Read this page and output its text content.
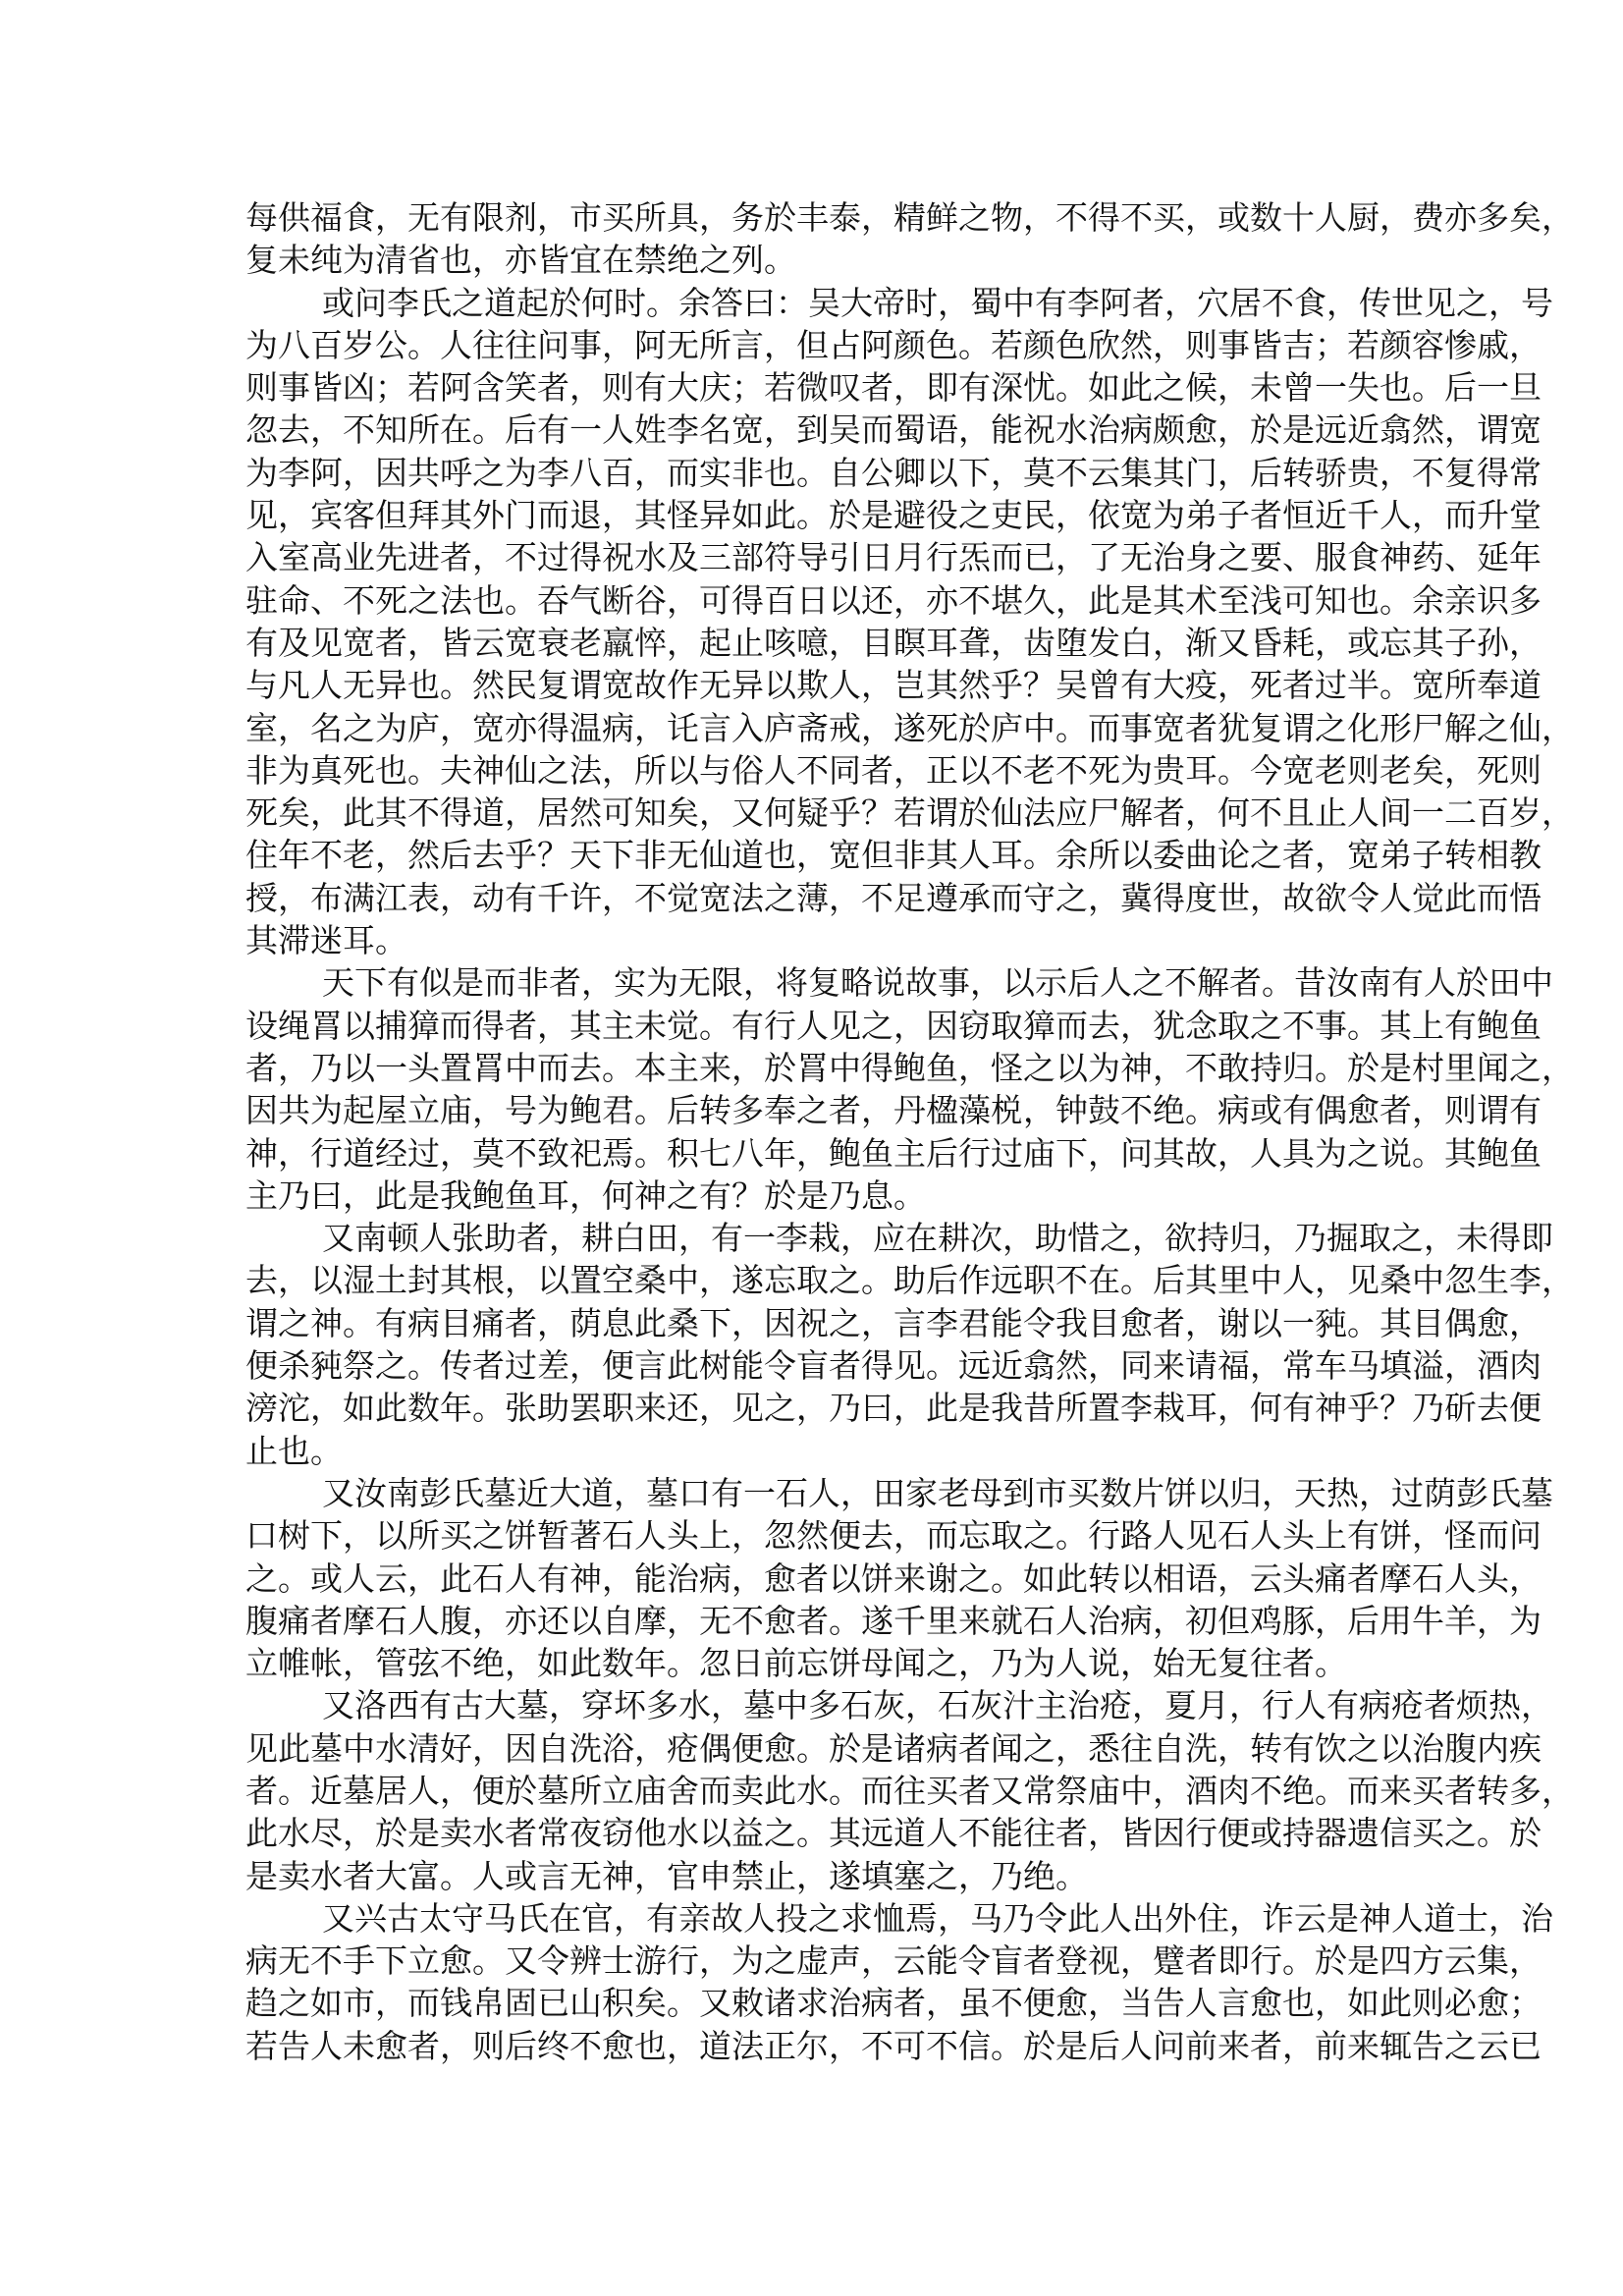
每供福食，无有限剂，市买所具，务於丰泰，精鲜之物，不得不买，或数十人厨，费亦多矣，
复未纯为清省也，亦皆宜在禁绝之列。
或问李氏之道起於何时。余答曰：吴大帝时，蜀中有李阿者，穴居不食，传世见之，号
为八百岁公。人往往问事，阿无所言，但占阿颜色。若颜色欣然，则事皆吉；若颜容惨戚，
则事皆凶；若阿含笑者，则有大庆；若微叹者，即有深忧。如此之候，未曾一失也。后一旦
忽去，不知所在。后有一人姓李名宽，到吴而蜀语，能祝水治病颇愈，於是远近翕然，谓宽
为李阿，因共呼之为李八百，而实非也。自公卿以下，莫不云集其门，后转骄贵，不复得常
见，宾客但拜其外门而退，其怪异如此。於是避役之吏民，依宽为弟子者恒近千人，而升堂
入室高业先进者，不过得祝水及三部符导引日月行炁而已，了无治身之要、服食神药、延年
驻命、不死之法也。吞气断谷，可得百日以还，亦不堪久，此是其术至浅可知也。余亲识多
有及见宽者，皆云宽衰老羸悴，起止咳噫，目瞑耳聋，齿堕发白，渐又昏耗，或忘其子孙，
与凡人无异也。然民复谓宽故作无异以欺人，岂其然乎？吴曾有大疫，死者过半。宽所奉道
室，名之为庐，宽亦得温病，讬言入庐斋戒，遂死於庐中。而事宽者犹复谓之化形尸解之仙，
非为真死也。夫神仙之法，所以与俗人不同者，正以不老不死为贵耳。今宽老则老矣，死则
死矣，此其不得道，居然可知矣，又何疑乎？若谓於仙法应尸解者，何不且止人间一二百岁，
住年不老，然后去乎？天下非无仙道也，宽但非其人耳。余所以委曲论之者，宽弟子转相教
授，布满江表，动有千许，不觉宽法之薄，不足遵承而守之，冀得度世，故欲令人觉此而悟
其滞迷耳。
天下有似是而非者，实为无限，将复略说故事，以示后人之不解者。昔汝南有人於田中
设绳罥以捕獐而得者，其主未觉。有行人见之，因窃取獐而去，犹念取之不事。其上有鲍鱼
者，乃以一头置罥中而去。本主来，於罥中得鲍鱼，怪之以为神，不敢持归。於是村里闻之，
因共为起屋立庙，号为鲍君。后转多奉之者，丹楹藻棁，钟鼓不绝。病或有偶愈者，则谓有
神，行道经过，莫不致祀焉。积七八年，鲍鱼主后行过庙下，问其故，人具为之说。其鲍鱼
主乃曰，此是我鲍鱼耳，何神之有？於是乃息。
又南顿人张助者，耕白田，有一李栽，应在耕次，助惜之，欲持归，乃掘取之，未得即
去，以湿土封其根，以置空桑中，遂忘取之。助后作远职不在。后其里中人，见桑中忽生李，
谓之神。有病目痛者，荫息此桑下，因祝之，言李君能令我目愈者，谢以一豘。其目偶愈，
便杀豘祭之。传者过差，便言此树能令盲者得见。远近翕然，同来请福，常车马填溢，酒肉
滂沱，如此数年。张助罢职来还，见之，乃曰，此是我昔所置李栽耳，何有神乎？乃斫去便
止也。
又汝南彭氏墓近大道，墓口有一石人，田家老母到市买数片饼以归，天热，过荫彭氏墓
口树下，以所买之饼暂著石人头上，忽然便去，而忘取之。行路人见石人头上有饼，怪而问
之。或人云，此石人有神，能治病，愈者以饼来谢之。如此转以相语，云头痛者摩石人头，
腹痛者摩石人腹，亦还以自摩，无不愈者。遂千里来就石人治病，初但鸡豚，后用牛羊，为
立帷帐，管弦不绝，如此数年。忽日前忘饼母闻之，乃为人说，始无复往者。
又洛西有古大墓，穿坏多水，墓中多石灰，石灰汁主治疮，夏月，行人有病疮者烦热，
见此墓中水清好，因自洗浴，疮偶便愈。於是诸病者闻之，悉往自洗，转有饮之以治腹内疾
者。近墓居人，便於墓所立庙舍而卖此水。而往买者又常祭庙中，酒肉不绝。而来买者转多，
此水尽，於是卖水者常夜窃他水以益之。其远道人不能往者，皆因行便或持器遗信买之。於
是卖水者大富。人或言无神，官申禁止，遂填塞之，乃绝。
又兴古太守马氏在官，有亲故人投之求恤焉，马乃令此人出外住，诈云是神人道士，治
病无不手下立愈。又令辨士游行，为之虚声，云能令盲者登视，躄者即行。於是四方云集，
趋之如市，而钱帛固已山积矣。又敕诸求治病者，虽不便愈，当告人言愈也，如此则必愈；
若告人未愈者，则后终不愈也，道法正尔，不可不信。於是后人问前来者，前来辄告之云已
